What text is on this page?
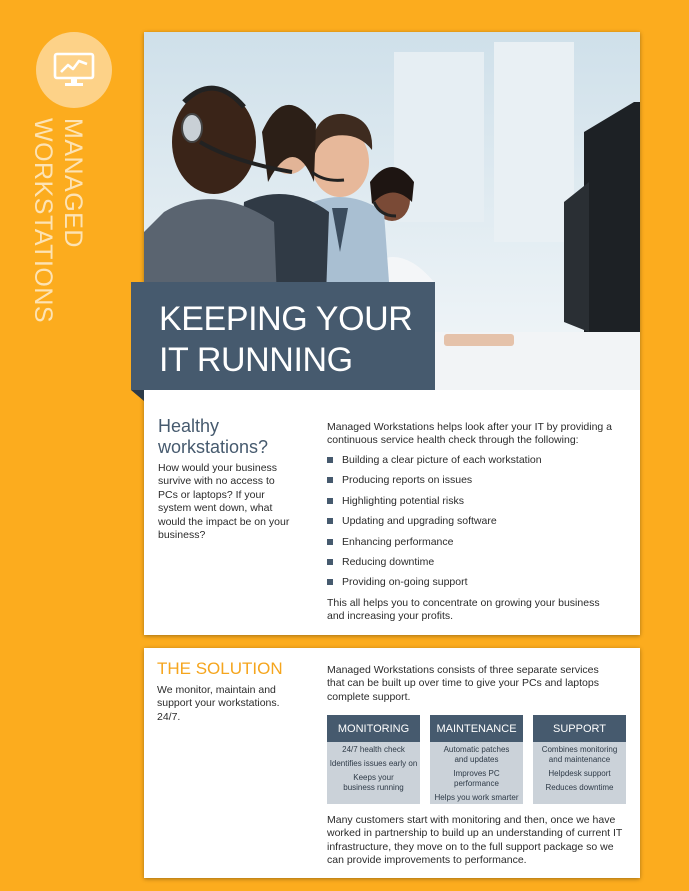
MANAGED WORKSTATIONS
Healthy
workstations?
How would your business
survive with no access to
PCs or laptops? If your
system went down, what
would the impact be on your
business?
Managed Workstations helps look after your IT by providing a
continuous service health check through the following:
Building a clear picture of each workstation
Producing reports on issues
Highlighting potential risks
Updating and upgrading software
Enhancing performance
Reducing downtime
Providing on-going support
This all helps you to concentrate on growing your business
and increasing your profits.
KEEPING YOUR
IT RUNNING
THE SOLUTION
We monitor, maintain and
support your workstations.
24/7.
Managed Workstations consists of three separate services
that can be built up over time to give your PCs and laptops
complete support.
MONITORING
24/7 health check
Identifies issues early on
Keeps your
business running
MAINTENANCE
Automatic patches
and updates
Improves PC performance
Helps you work smarter
SUPPORT
Combines monitoring
and maintenance
Helpdesk support
Reduces downtime
Many customers start with monitoring and then, once we have
worked in partnership to build up an understanding of current IT
infrastructure, they move on to the full support package so we
can provide improvements to performance.
